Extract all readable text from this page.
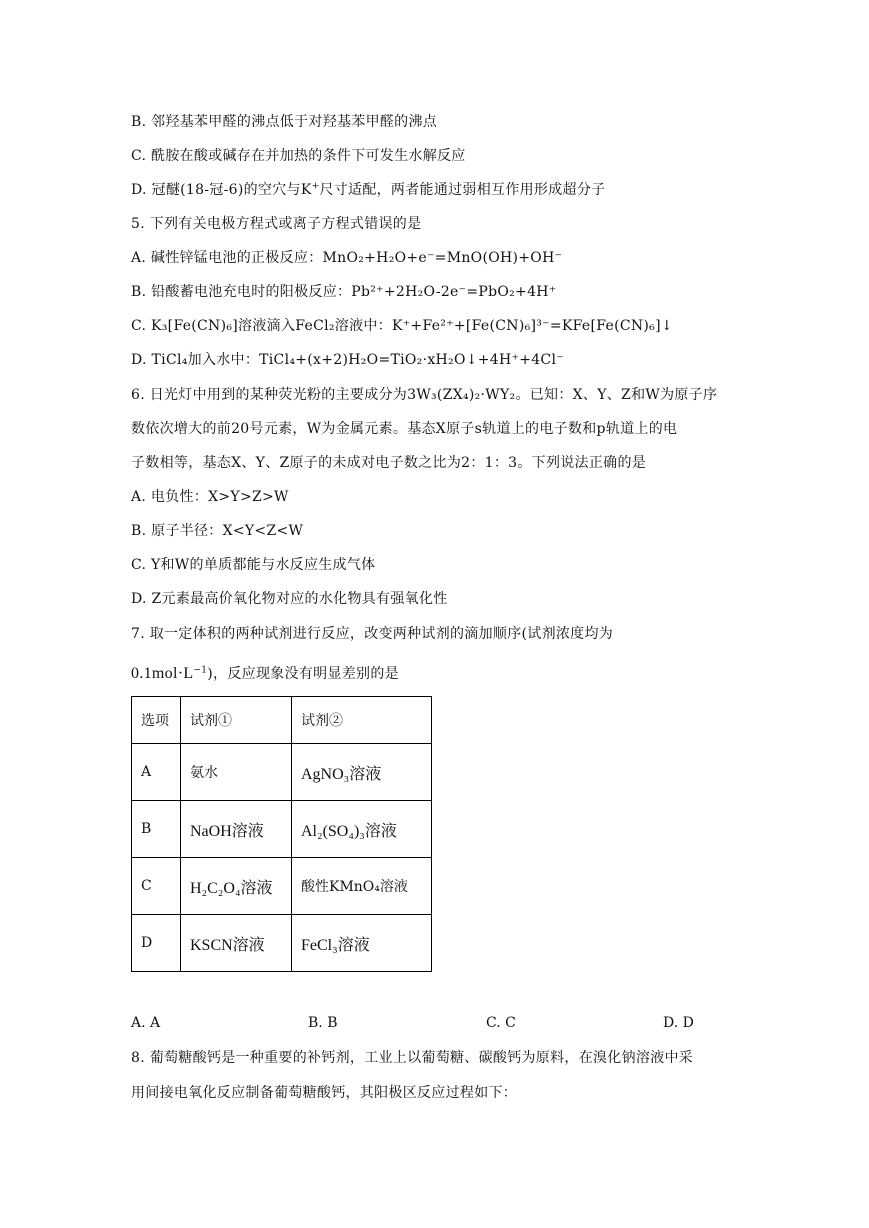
B. 邻羟基苯甲醛的沸点低于对羟基苯甲醛的沸点
C. 酰胺在酸或碱存在并加热的条件下可发生水解反应
D. 冠醚(18-冠-6)的空穴与K+尺寸适配，两者能通过弱相互作用形成超分子
5. 下列有关电极方程式或离子方程式错误的是
A. 碱性锌锰电池的正极反应：MnO₂+H₂O+e⁻=MnO(OH)+OH⁻
B. 铅酸蓄电池充电时的阳极反应：Pb²⁺+2H₂O-2e⁻=PbO₂+4H⁺
C. K₃[Fe(CN)₆]溶液滴入FeCl₂溶液中：K⁺+Fe²⁺+[Fe(CN)₆]³⁻=KFe[Fe(CN)₆]↓
D. TiCl₄加入水中：TiCl₄+(x+2)H₂O=TiO₂·xH₂O↓+4H⁺+4Cl⁻
6. 日光灯中用到的某种荧光粉的主要成分为3W₃(ZX₄)₂·WY₂。已知：X、Y、Z和W为原子序
数依次增大的前20号元素，W为金属元素。基态X原子s轨道上的电子数和p轨道上的电
子数相等，基态X、Y、Z原子的未成对电子数之比为2：1：3。下列说法正确的是
A. 电负性：X>Y>Z>W
B. 原子半径：X<Y<Z<W
C. Y和W的单质都能与水反应生成气体
D. Z元素最高价氧化物对应的水化物具有强氧化性
7. 取一定体积的两种试剂进行反应，改变两种试剂的滴加顺序(试剂浓度均为
$0.1mol\cdot L^{-1}$)，反应现象没有明显差别的是
选项	试剂①	试剂②
A	氨水	AgNO₃溶液
B	NaOH溶液	Al₂(SO₄)₃溶液
C	H₂C₂O₄溶液	酸性KMnO₄溶液
D	KSCN溶液	FeCl₃溶液
A. A	B. B	C. C	D. D
8. 葡萄糖酸钙是一种重要的补钙剂，工业上以葡萄糖、碳酸钙为原料，在溴化钠溶液中采
用间接电氧化反应制备葡萄糖酸钙，其阳极区反应过程如下：
